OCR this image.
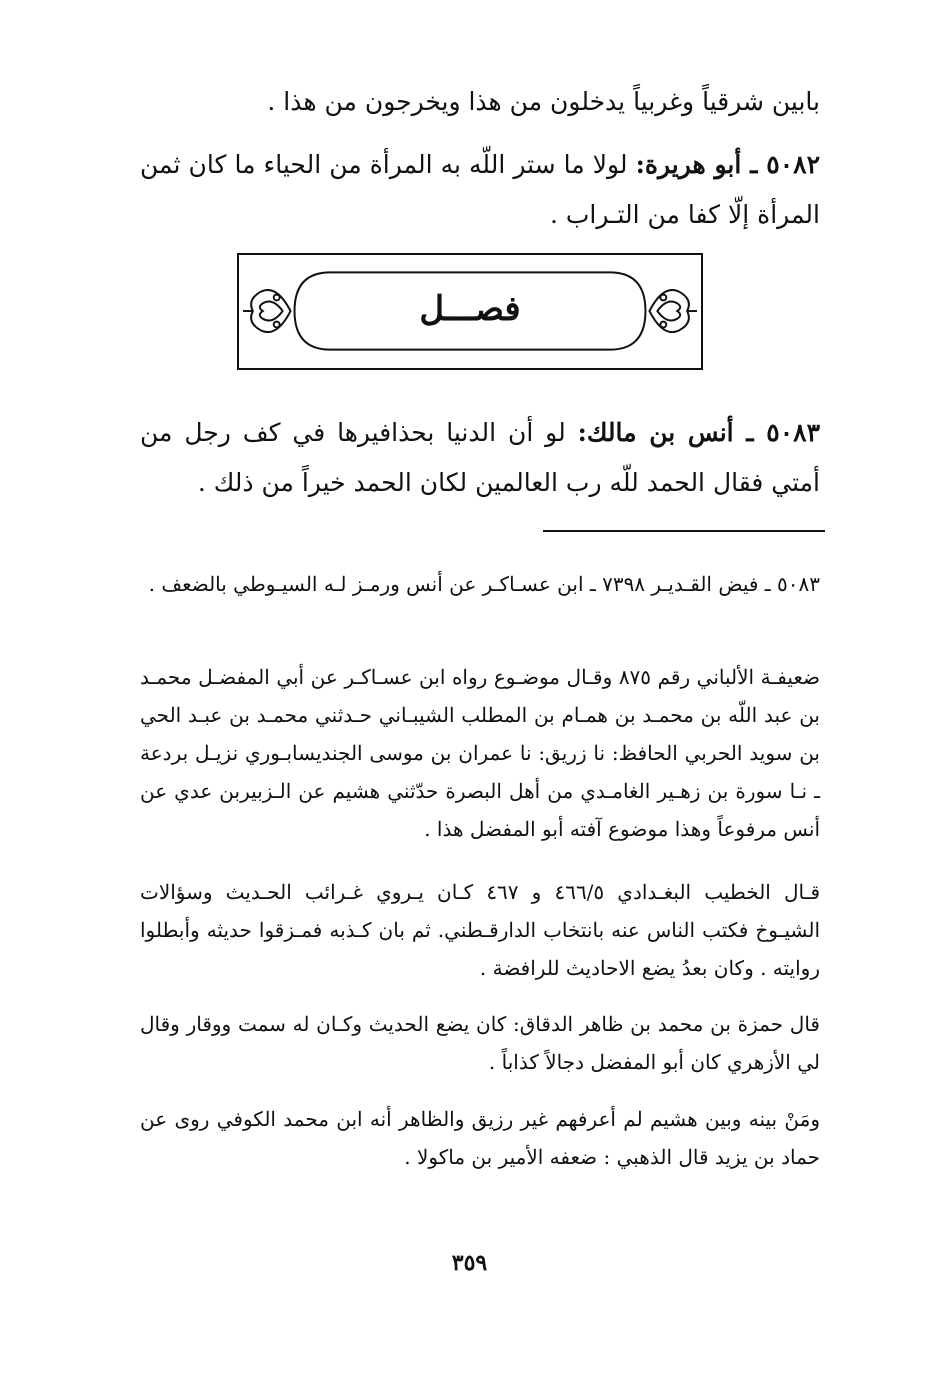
بابين شرقياً وغربياً يدخلون من هذا ويخرجون من هذا .

٥٠٨٢ ـ أبو هريرة: لولا ما ستر اللّه به المرأة من الحياء ما كان ثمن المرأة إلّا كفا من التـراب .

فصـــل

٥٠٨٣ ـ أنس بن مالك: لو أن الدنيا بحذافيرها في كف رجل من أمتي فقال الحمد للّه رب العالمين لكان الحمد خيراً من ذلك .

٥٠٨٣ ـ فيض القـديـر ٧٣٩٨ ـ ابن عسـاكـر عن أنس ورمـز لـه السيـوطي بالضعف .

ضعيفـة الألباني رقم ٨٧٥ وقـال موضـوع رواه ابن عسـاكـر عن أبي المفضـل محمـد بن عبد اللّه بن محمـد بن همـام بن المطلب الشيبـاني حـدثني محمـد بن عبـد الحي بن سويد الحربي الحافظ: نا زريق: نا عمران بن موسى الجنديسابـوري نزيـل بردعة ـ نـا سورة بن زهـير الغامـدي من أهل البصرة حدّثني هشيم عن الـزبيربن عدي عن أنس مرفوعاً وهذا موضوع آفته أبو المفضل هذا .

قـال الخطيب البغـدادي ٤٦٦/٥ و ٤٦٧ كـان يـروي غـرائب الحـديث وسؤالات الشيـوخ فكتب الناس عنه بانتخاب الدارقـطني. ثم بان كـذبه فمـزقوا حديثه وأبطلوا روايته . وكان بعدُ يضع الاحاديث للرافضة .

قال حمزة بن محمد بن ظاهر الدقاق: كان يضع الحديث وكـان له سمت ووقار وقال لي الأزهري كان أبو المفضل دجالاً كذاباً .

ومَنْ بينه وبين هشيم لم أعرفهم غير رزيق والظاهر أنه ابن محمد الكوفي روى عن حماد بن يزيد قال الذهبي : ضعفه الأمير بن ماكولا .

٣٥٩
